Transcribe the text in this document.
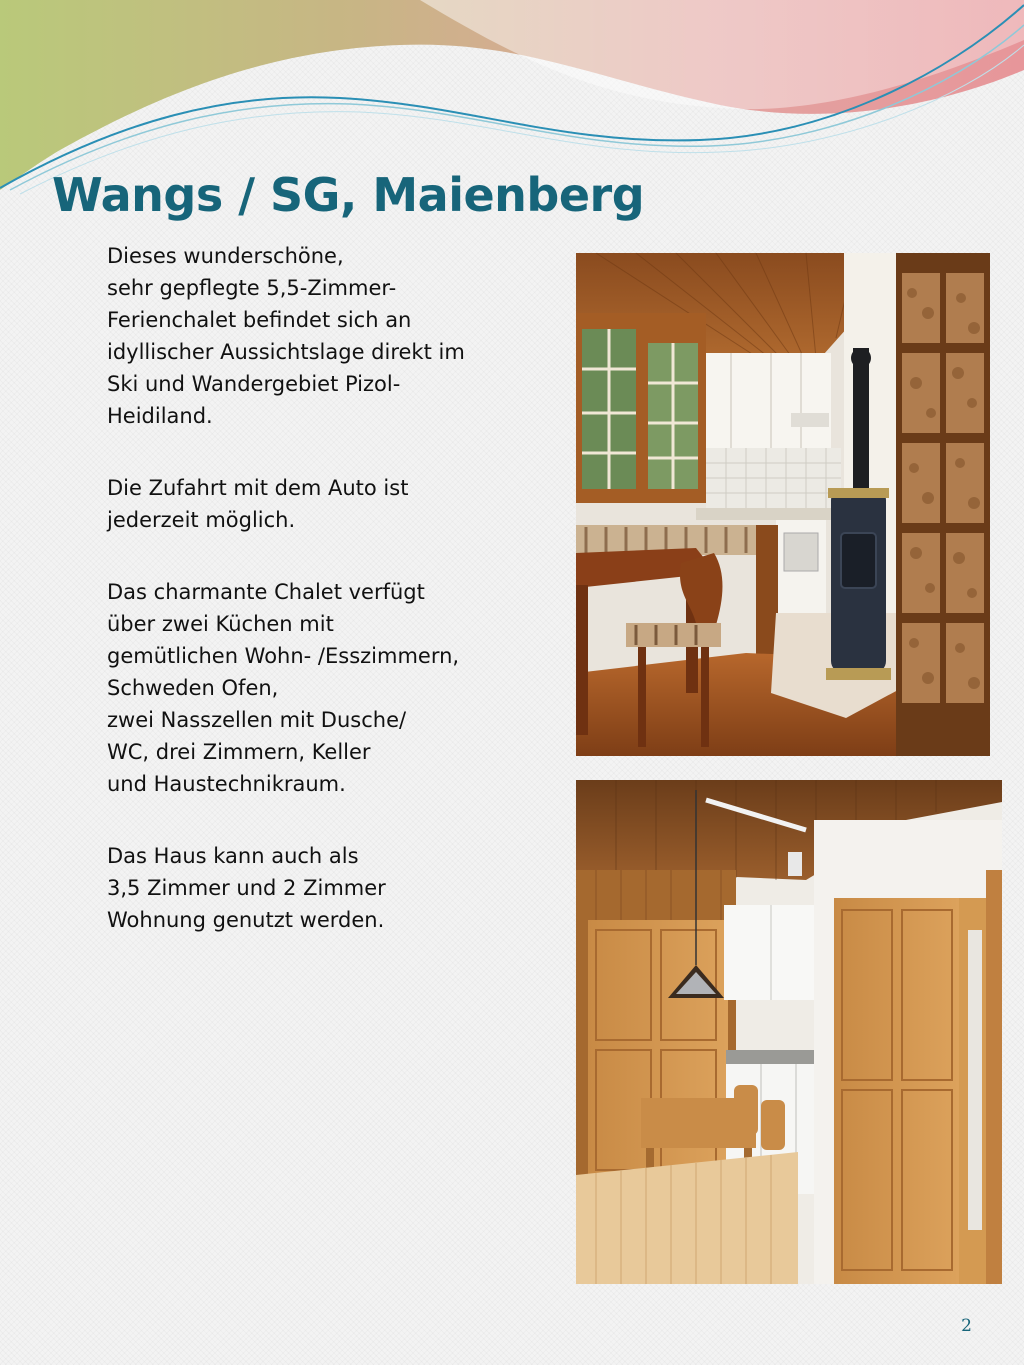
Wangs / SG, Maienberg

Dieses wunderschöne,
sehr gepflegte 5,5-Zimmer-
Ferienchalet befindet sich an
idyllischer Aussichtslage direkt im
Ski und Wandergebiet Pizol-
Heidiland.

Die Zufahrt mit dem Auto ist
jederzeit möglich.

Das charmante Chalet verfügt
über zwei Küchen mit
gemütlichen Wohn- /Esszimmern,
Schweden Ofen,
zwei Nasszellen mit Dusche/
WC, drei Zimmern, Keller
und Haustechnikraum.

Das Haus kann auch als
3,5 Zimmer und 2 Zimmer
Wohnung genutzt werden.

2
